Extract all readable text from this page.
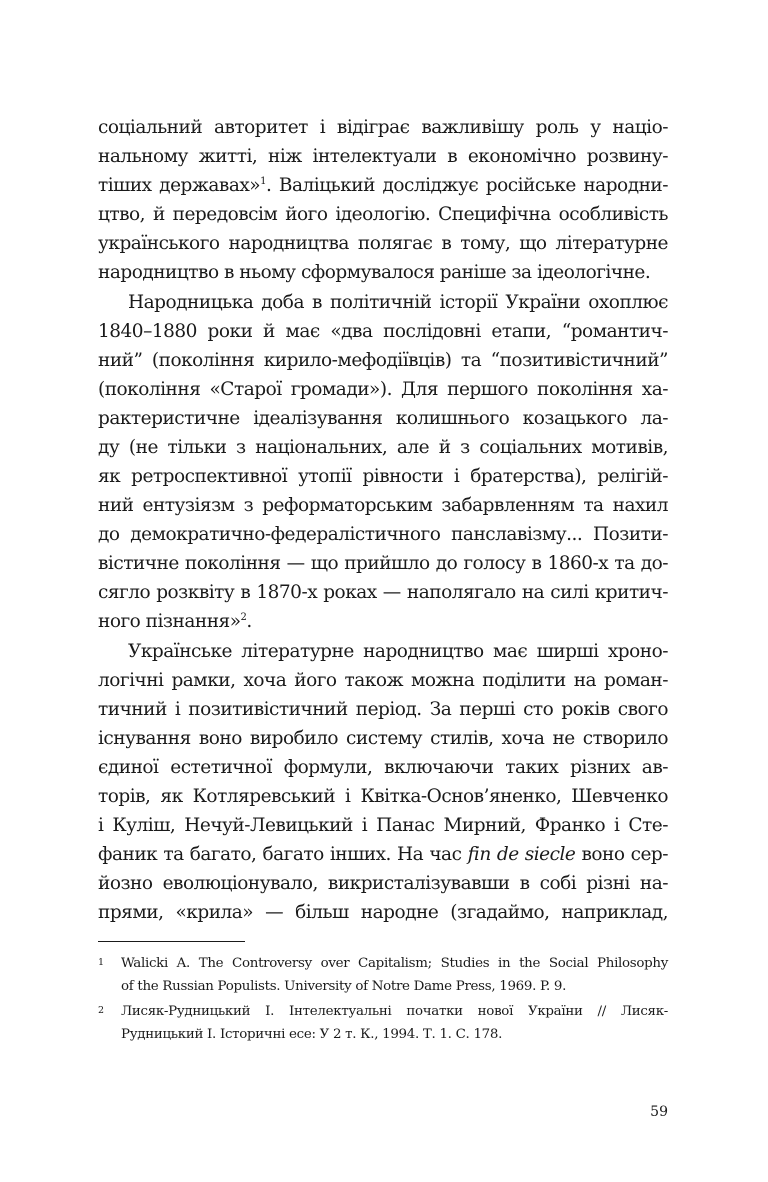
соціальний авторитет і відіграє важливішу роль у націо-
нальному житті, ніж інтелектуали в економічно розвину-
тіших державах»$^1$. Валіцький досліджує російське народни-
цтво, й передовсім його ідеологію. Специфічна особливість
українського народництва полягає в тому, що літературне
народництво в ньому сформувалося раніше за ідеологічне.
Народницька доба в політичній історії України охоплює
1840–1880 роки й має «два послідовні етапи, “романтич-
ний” (покоління кирило-мефодіївців) та “позитивістичний”
(покоління «Старої громади»). Для першого покоління ха-
рактеристичне ідеалізування колишнього козацького ла-
ду (не тільки з національних, але й з соціальних мотивів,
як ретроспективної утопії рівности і братерства), релігій-
ний ентузіязм з реформаторським забарвленням та нахил
до демократично-федералістичного панславізму... Позити-
вістичне покоління — що прийшло до голосу в 1860-х та до-
сягло розквіту в 1870-х роках — наполягало на силі критич-
ного пізнання»$^2$.
Українське літературне народництво має ширші хроно-
логічні рамки, хоча його також можна поділити на роман-
тичний і позитивістичний період. За перші сто років свого
існування воно виробило систему стилів, хоча не створило
єдиної естетичної формули, включаючи таких різних ав-
торів, як Котляревський і Квітка-Основ’яненко, Шевченко
і Куліш, Нечуй-Левицький і Панас Мирний, Франко і Сте-
фаник та багато, багато інших. На час fin de siecle воно сер-
йозно еволюціонувало, викристалізувавши в собі різні на-
прями, «крила» — більш народне (згадаймо, наприклад,
1 Walicki A. The Controversy over Capitalism; Studies in the Social Philosophy
of the Russian Populists. University of Notre Dame Press, 1969. P. 9.
2 Лисяк-Рудницький І. Інтелектуальні початки нової України // Лисяк-
Рудницький І. Історичні есе: У 2 т. К., 1994. Т. 1. С. 178.
59
